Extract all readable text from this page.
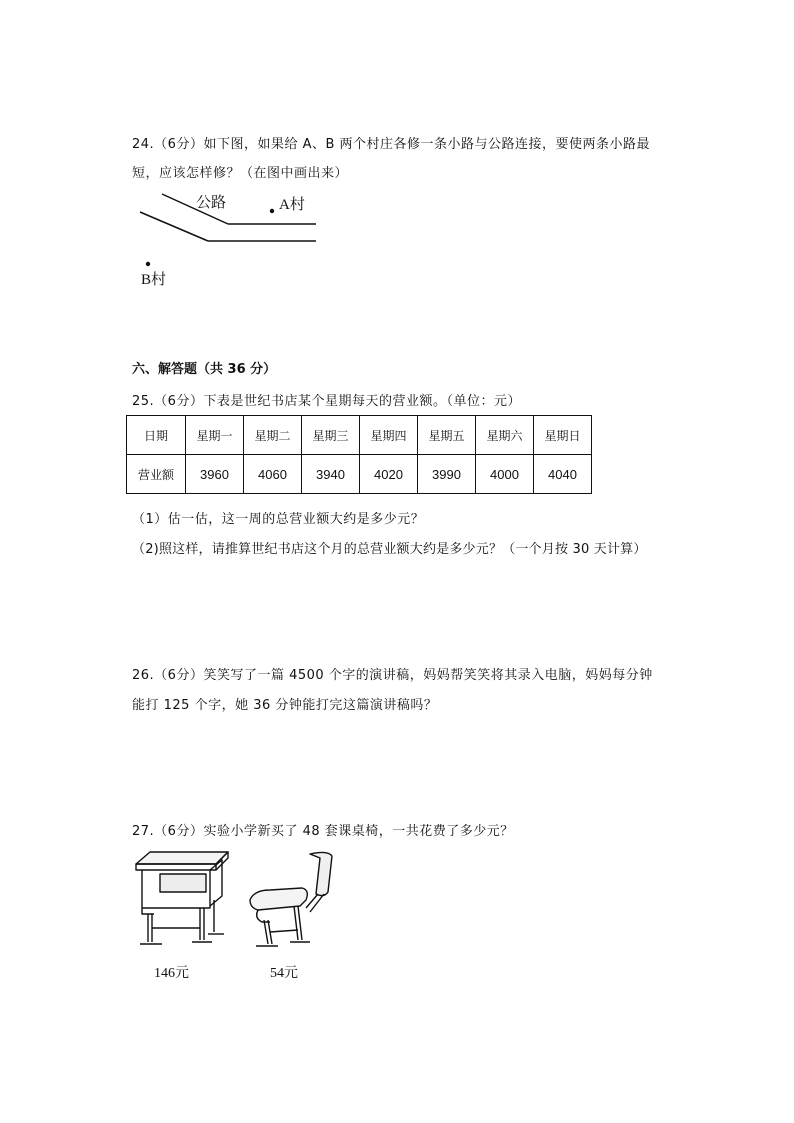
24.（6分）如下图，如果给 A、B 两个村庄各修一条小路与公路连接，要使两条小路最
短，应该怎样修？（在图中画出来）
公路	A村
B村
六、解答题（共 36 分）
25.（6分）下表是世纪书店某个星期每天的营业额。（单位：元）
日期	星期一	星期二	星期三	星期四	星期五	星期六	星期日
营业额	3960	4060	3940	4020	3990	4000	4040
（1）估一估，这一周的总营业额大约是多少元？
（2)照这样，请推算世纪书店这个月的总营业额大约是多少元？（一个月按 30 天计算）
26.（6分）笑笑写了一篇 4500 个字的演讲稿，妈妈帮笑笑将其录入电脑，妈妈每分钟
能打 125 个字，她 36 分钟能打完这篇演讲稿吗？
27.（6分）实验小学新买了 48 套课桌椅，一共花费了多少元？
146元	54元
